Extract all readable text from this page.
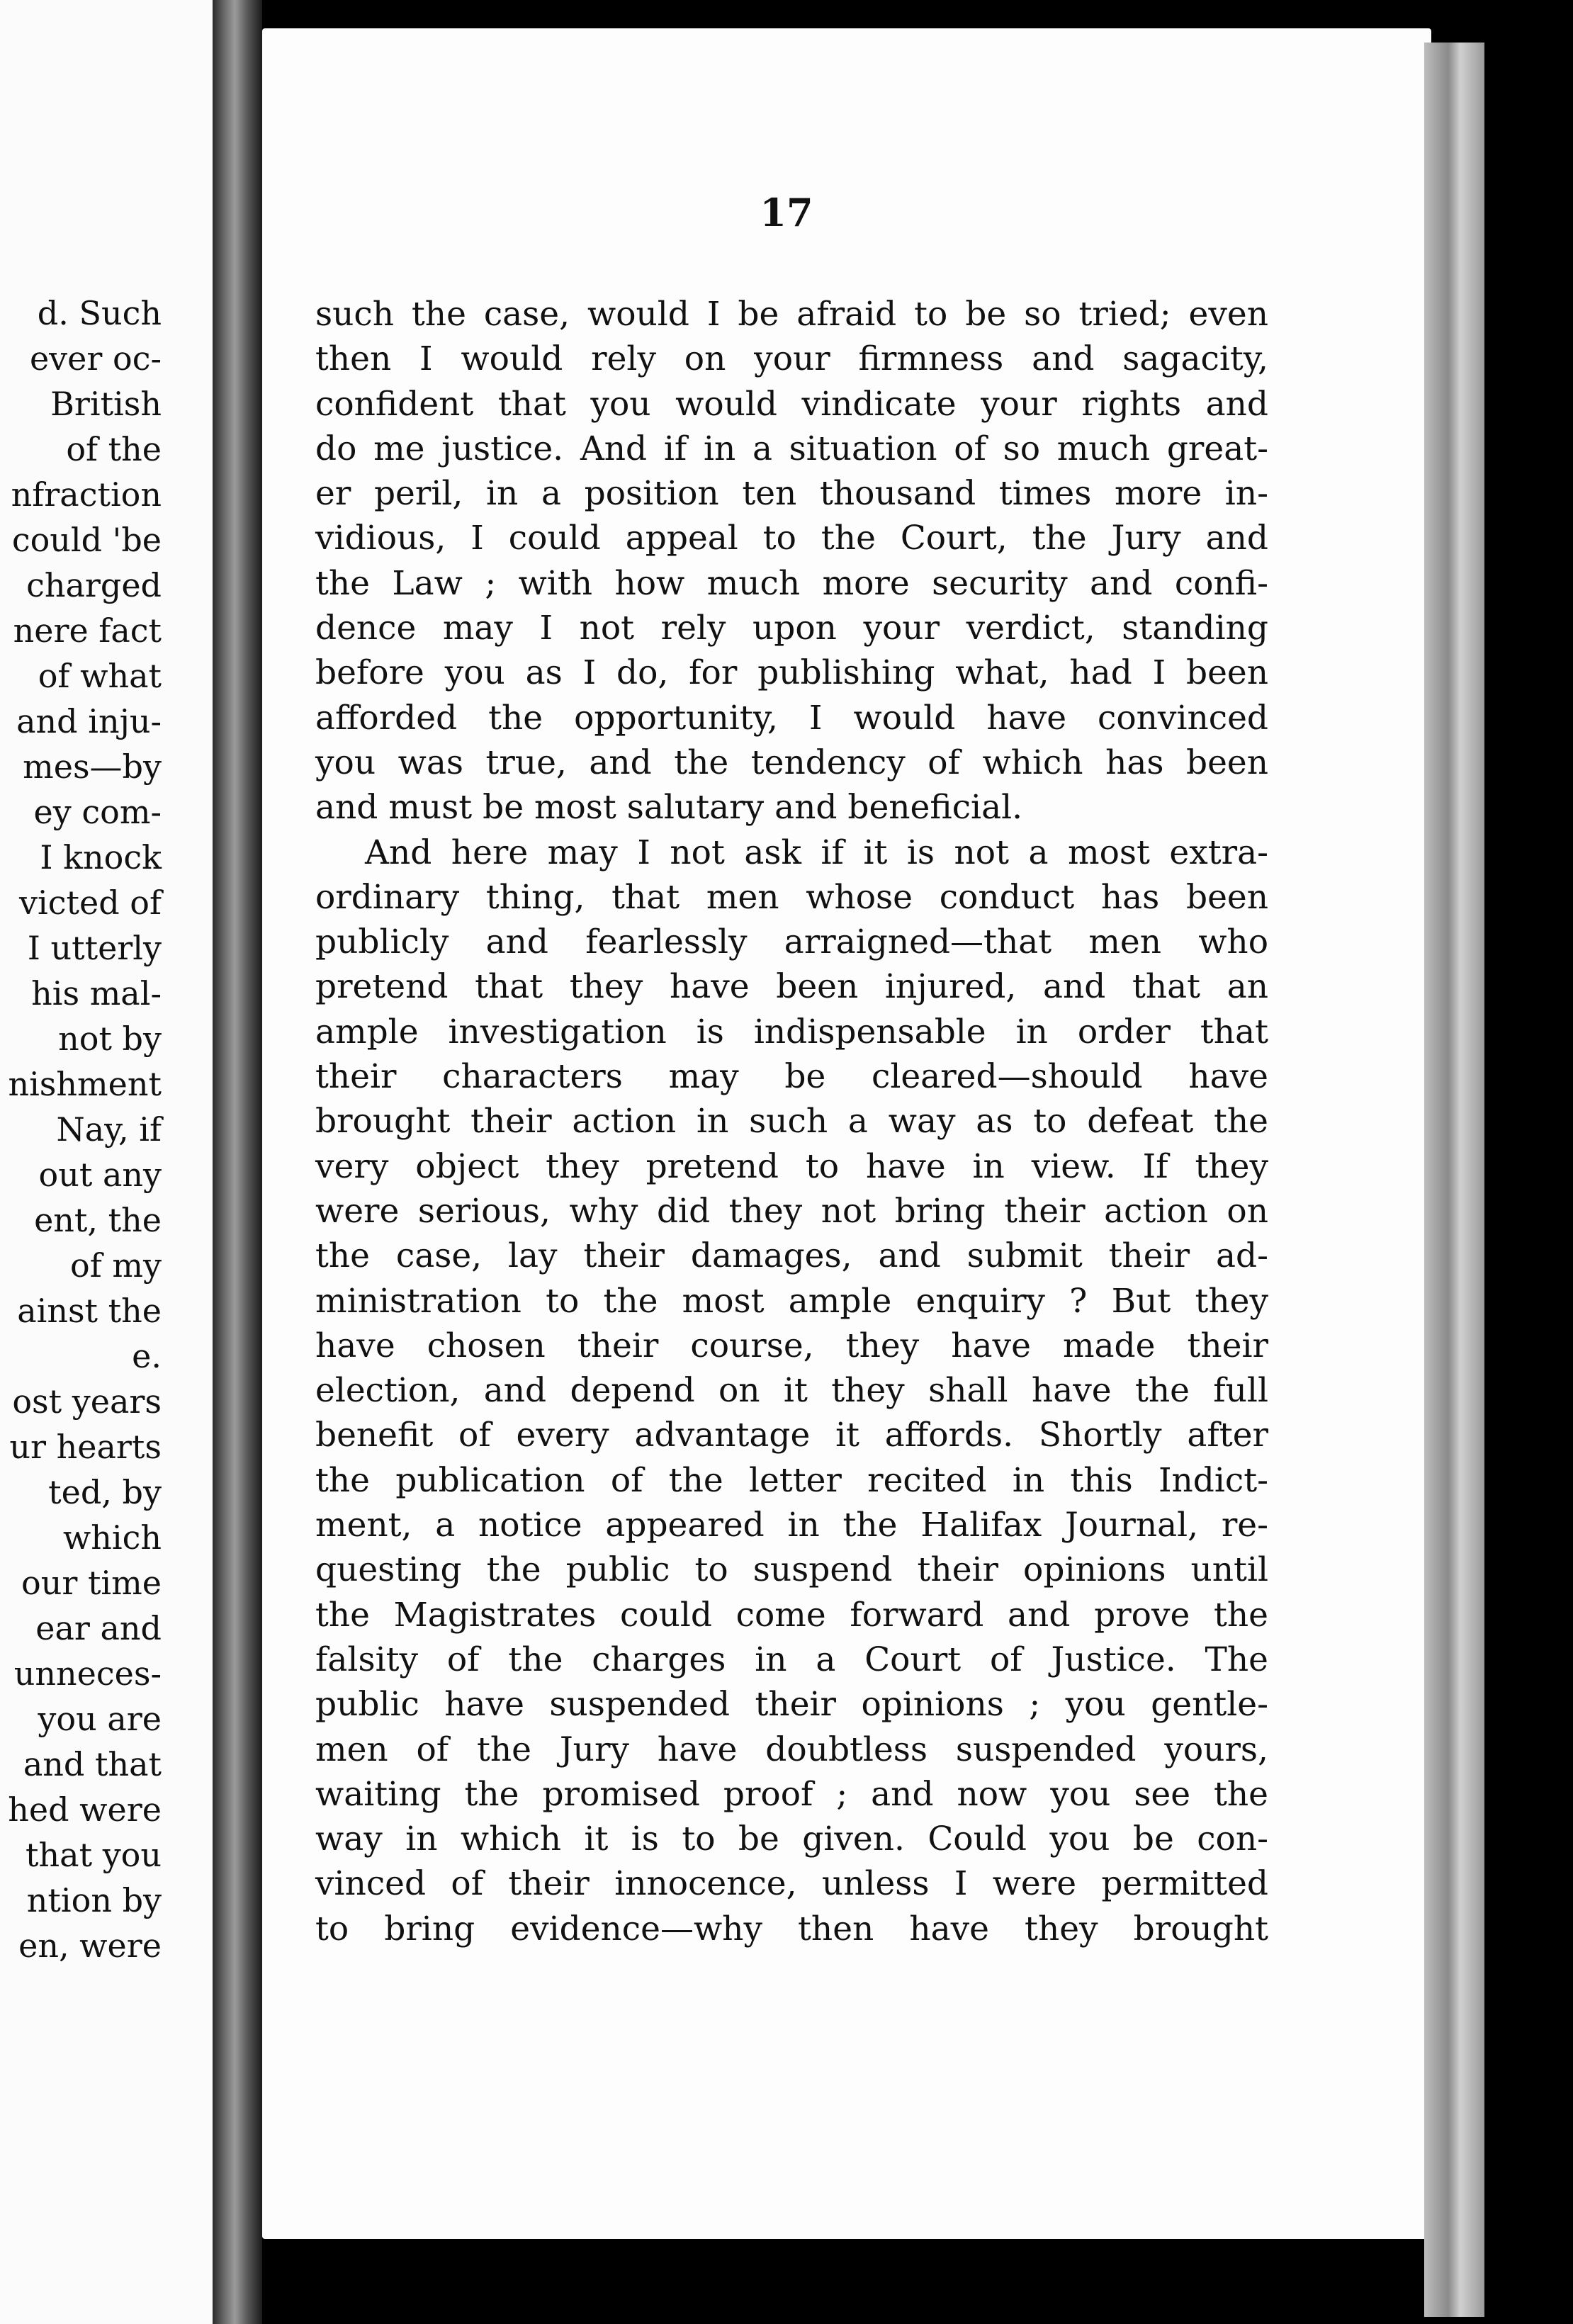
d. Such
ever oc-
British
of the
nfraction
could 'be
charged
nere fact
of what
and inju-
mes—by
ey com-
I knock
victed of
I utterly
his mal-
not by
nishment
Nay, if
out any
ent, the
of my
ainst the
e.
ost years
ur hearts
ted, by
which
our time
ear and
unneces-
you are
and that
hed were
that you
ntion by
en, were
17
such the case, would I be afraid to be so tried; even
then I would rely on your firmness and sagacity,
confident that you would vindicate your rights and
do me justice. And if in a situation of so much great-
er peril, in a position ten thousand times more in-
vidious, I could appeal to the Court, the Jury and
the Law ; with how much more security and confi-
dence may I not rely upon your verdict, standing
before you as I do, for publishing what, had I been
afforded the opportunity, I would have convinced
you was true, and the tendency of which has been
and must be most salutary and beneficial.
And here may I not ask if it is not a most extra-
ordinary thing, that men whose conduct has been
publicly and fearlessly arraigned—that men who
pretend that they have been injured, and that an
ample investigation is indispensable in order that
their characters may be cleared—should have
brought their action in such a way as to defeat the
very object they pretend to have in view. If they
were serious, why did they not bring their action on
the case, lay their damages, and submit their ad-
ministration to the most ample enquiry ? But they
have chosen their course, they have made their
election, and depend on it they shall have the full
benefit of every advantage it affords. Shortly after
the publication of the letter recited in this Indict-
ment, a notice appeared in the Halifax Journal, re-
questing the public to suspend their opinions until
the Magistrates could come forward and prove the
falsity of the charges in a Court of Justice. The
public have suspended their opinions ; you gentle-
men of the Jury have doubtless suspended yours,
waiting the promised proof ; and now you see the
way in which it is to be given. Could you be con-
vinced of their innocence, unless I were permitted
to bring evidence—why then have they brought
